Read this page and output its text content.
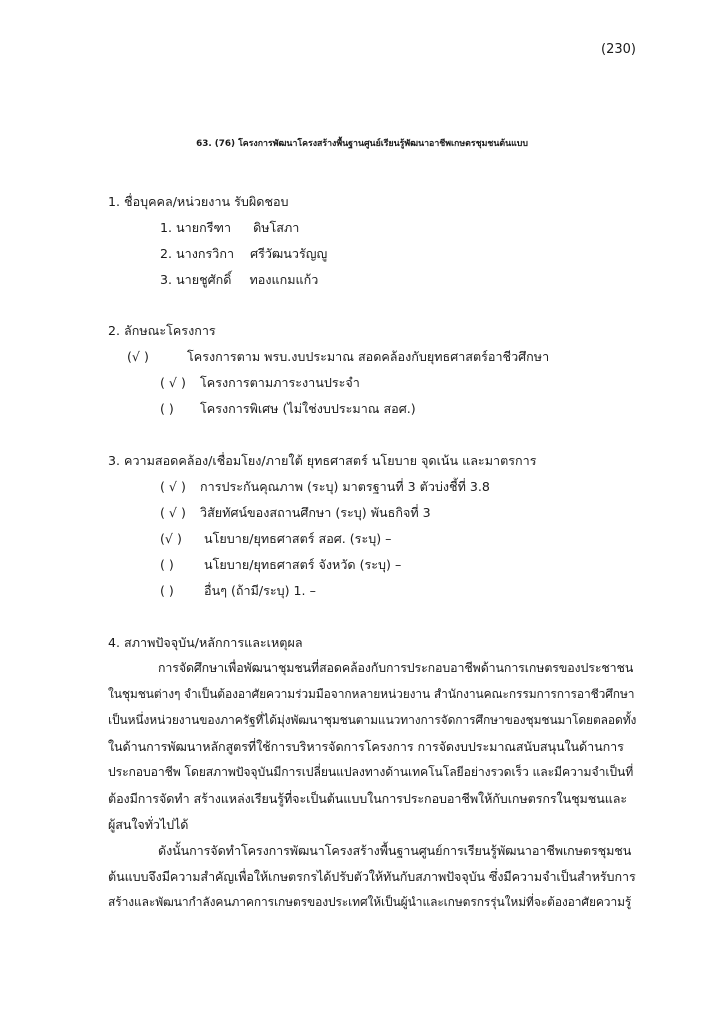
(230)
63. (76) โครงการพัฒนาโครงสร้างพื้นฐานศูนย์เรียนรู้พัฒนาอาชีพเกษตรชุมชนต้นแบบ
1. ชื่อบุคคล/หน่วยงาน รับผิดชอบ
1. นายกรีฑา ดิษโสภา
2. นางกรวิกา ศรีวัฒนวรัญญู
3. นายชูศักดิ์ ทองแกมแก้ว
2. ลักษณะโครงการ
(√ )	โครงการตาม พรบ.งบประมาณ สอดคล้องกับยุทธศาสตร์อาชีวศึกษา
( √ ) โครงการตามภาระงานประจำ
( ) โครงการพิเศษ (ไม่ใช่งบประมาณ สอศ.)
3. ความสอดคล้อง/เชื่อมโยง/ภายใต้ ยุทธศาสตร์ นโยบาย จุดเน้น และมาตรการ
( √ ) การประกันคุณภาพ (ระบุ) มาตรฐานที่ 3 ตัวบ่งชี้ที่ 3.8
( √ ) วิสัยทัศน์ของสถานศึกษา (ระบุ) พันธกิจที่ 3
(√ ) นโยบาย/ยุทธศาสตร์ สอศ. (ระบุ) –
( ) นโยบาย/ยุทธศาสตร์ จังหวัด (ระบุ) –
( ) อื่นๆ (ถ้ามี/ระบุ) 1. –
4. สภาพปัจจุบัน/หลักการและเหตุผล
การจัดศึกษาเพื่อพัฒนาชุมชนที่สอดคล้องกับการประกอบอาชีพด้านการเกษตรของประชาชน
ในชุมชนต่างๆ จำเป็นต้องอาศัยความร่วมมือจากหลายหน่วยงาน สำนักงานคณะกรรมการการอาชีวศึกษา
เป็นหนึ่งหน่วยงานของภาครัฐที่ได้มุ่งพัฒนาชุมชนตามแนวทางการจัดการศึกษาของชุมชนมาโดยตลอดทั้ง
ในด้านการพัฒนาหลักสูตรที่ใช้การบริหารจัดการโครงการ การจัดงบประมาณสนับสนุนในด้านการ
ประกอบอาชีพ โดยสภาพปัจจุบันมีการเปลี่ยนแปลงทางด้านเทคโนโลยีอย่างรวดเร็ว และมีความจำเป็นที่
ต้องมีการจัดทำ สร้างแหล่งเรียนรู้ที่จะเป็นต้นแบบในการประกอบอาชีพให้กับเกษตรกรในชุมชนและ
ผู้สนใจทั่วไปได้
ดังนั้นการจัดทำโครงการพัฒนาโครงสร้างพื้นฐานศูนย์การเรียนรู้พัฒนาอาชีพเกษตรชุมชน
ต้นแบบจึงมีความสำคัญเพื่อให้เกษตรกรได้ปรับตัวให้ทันกับสภาพปัจจุบัน ซึ่งมีความจำเป็นสำหรับการ
สร้างและพัฒนากำลังคนภาคการเกษตรของประเทศให้เป็นผู้นำและเกษตรกรรุ่นใหม่ที่จะต้องอาศัยความรู้
